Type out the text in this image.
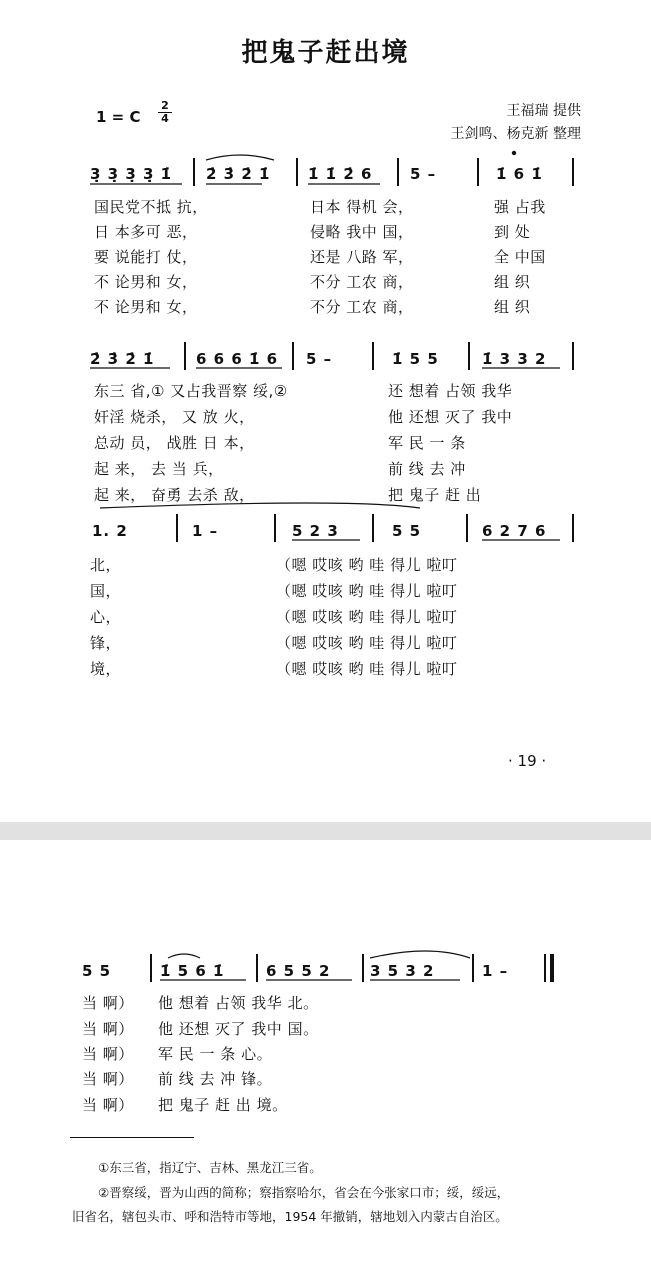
把鬼子赶出境
1 = C
2
4	王福瑞 提供
王剑鸣、杨克新 整理
3̣ 3̣ 3̣ 3̣ 1̇ 2̇ 3̇ 2̇ 1̇	1̇ 1̇ 2̇ 6	5 –	1̇ 6 1̇
国民党不抵 抗，	日本 得机 会，	强 占我
日 本多可 恶，	侵略 我中 国，	到 处
要 说能打 仗，	还是 八路 军，	全 中国
不 论男和 女，	不分 工农 商，	组 织
不 论男和 女，	不分 工农 商，	组 织
2̇ 3̇ 2̇ 1̇	6 6 6 1̇ 6 5 –	1̇ 5 5	1̇ 3 3 2
东三 省,① 又占我晋察 绥,②	还 想着 占领 我华
奸淫 烧杀， 又 放 火，	他 还想 灭了 我中
总动 员， 战胜 日 本，	军 民 一 条
起 来， 去 当 兵，	前 线 去 冲
起 来， 奋勇 去杀 敌，	把 鬼子 赶 出
1. 2	1 –	5 2 3	5 5	6 2 7 6
北，	（嗯 哎咳 哟 哇 得儿 啦叮
国，	（嗯 哎咳 哟 哇 得儿 啦叮
心，	（嗯 哎咳 哟 哇 得儿 啦叮
锋，	（嗯 哎咳 哟 哇 得儿 啦叮
境，	（嗯 哎咳 哟 哇 得儿 啦叮
· 19 ·
5 5	1̇ 5 6 1̇	6 5 5 2	3 5 3 2	1 –
当 啊） 他 想着 占领 我华 北。
当 啊） 他 还想 灭了 我中 国。
当 啊） 军 民 一 条 心。
当 啊） 前 线 去 冲 锋。
当 啊） 把 鬼子 赶 出 境。
①东三省，指辽宁、吉林、黑龙江三省。
②晋察绥，晋为山西的简称；察指察哈尔，省会在今张家口市；绥，绥远，
旧省名，辖包头市、呼和浩特市等地，1954 年撤销，辖地划入内蒙古自治区。
